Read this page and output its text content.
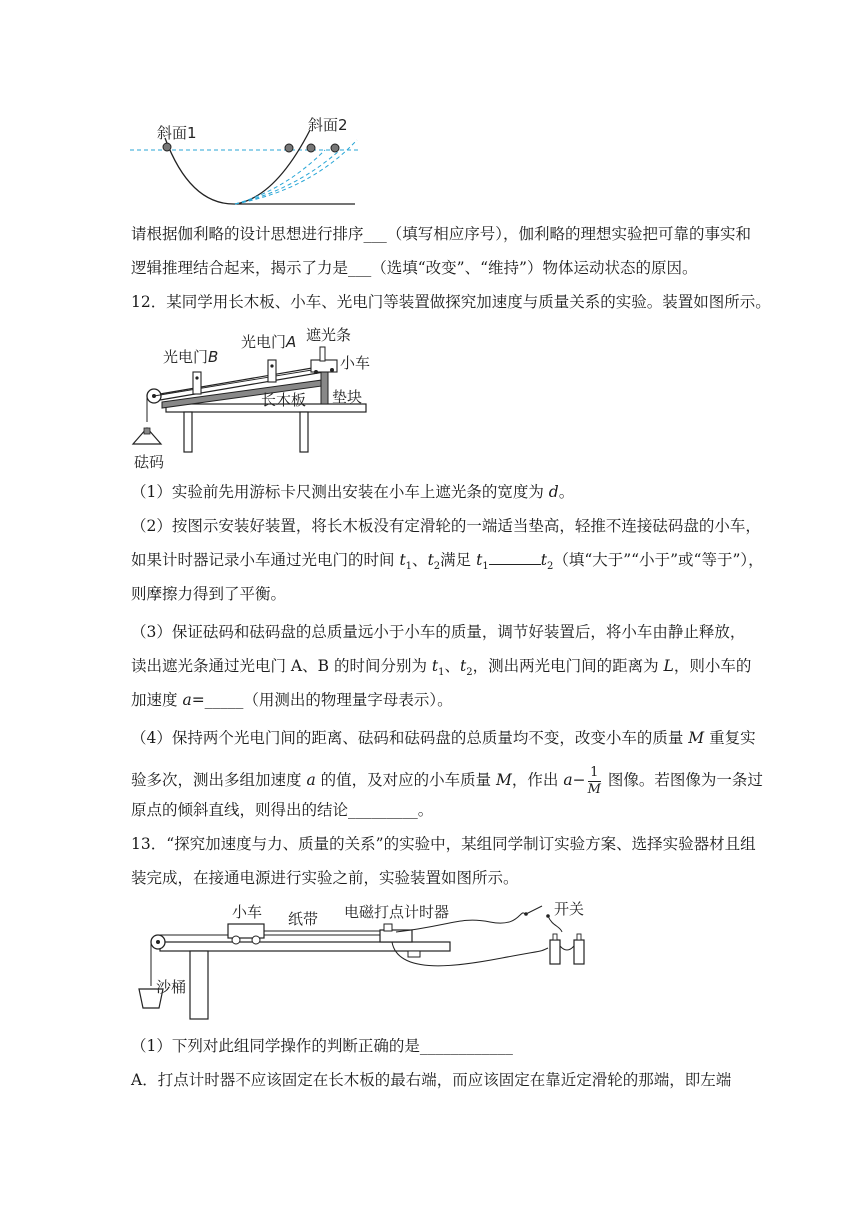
斜面1	斜面2
请根据伽利略的设计思想进行排序___（填写相应序号），伽利略的理想实验把可靠的事实和
逻辑推理结合起来，揭示了力是___（选填“改变”、“维持”）物体运动状态的原因。
12．某同学用长木板、小车、光电门等装置做探究加速度与质量关系的实验。装置如图所示。
光电门B
光电门A 遮光条
小车
长木板 垫块
砝码
（1）实验前先用游标卡尺测出安装在小车上遮光条的宽度为 d。
（2）按图示安装好装置，将长木板没有定滑轮的一端适当垫高，轻推不连接砝码盘的小车，
如果计时器记录小车通过光电门的时间 $t_1$、$t_2$满足 $t_1$	$t_2$（填“大于”“小于”或“等于”），
则摩擦力得到了平衡。
（3）保证砝码和砝码盘的总质量远小于小车的质量，调节好装置后，将小车由静止释放，
读出遮光条通过光电门 A、B 的时间分别为 $t_1$、$t_2$，测出两光电门间的距离为 L，则小车的
加速度 a=_____（用测出的物理量字母表示）。
（4）保持两个光电门间的距离、砝码和砝码盘的总质量均不变，改变小车的质量 M 重复实
验多次，测出多组加速度 a 的值，及对应的小车质量 M，作出 $a- \frac{1}{M}$ 图像。若图像为一条过
原点的倾斜直线，则得出的结论_________。
13．“探究加速度与力、质量的关系”的实验中，某组同学制订实验方案、选择实验器材且组
装完成，在接通电源进行实验之前，实验装置如图所示。
小车 纸带 电磁打点计时器	开关
沙桶
（1）下列对此组同学操作的判断正确的是____________
A．打点计时器不应该固定在长木板的最右端，而应该固定在靠近定滑轮的那端，即左端
